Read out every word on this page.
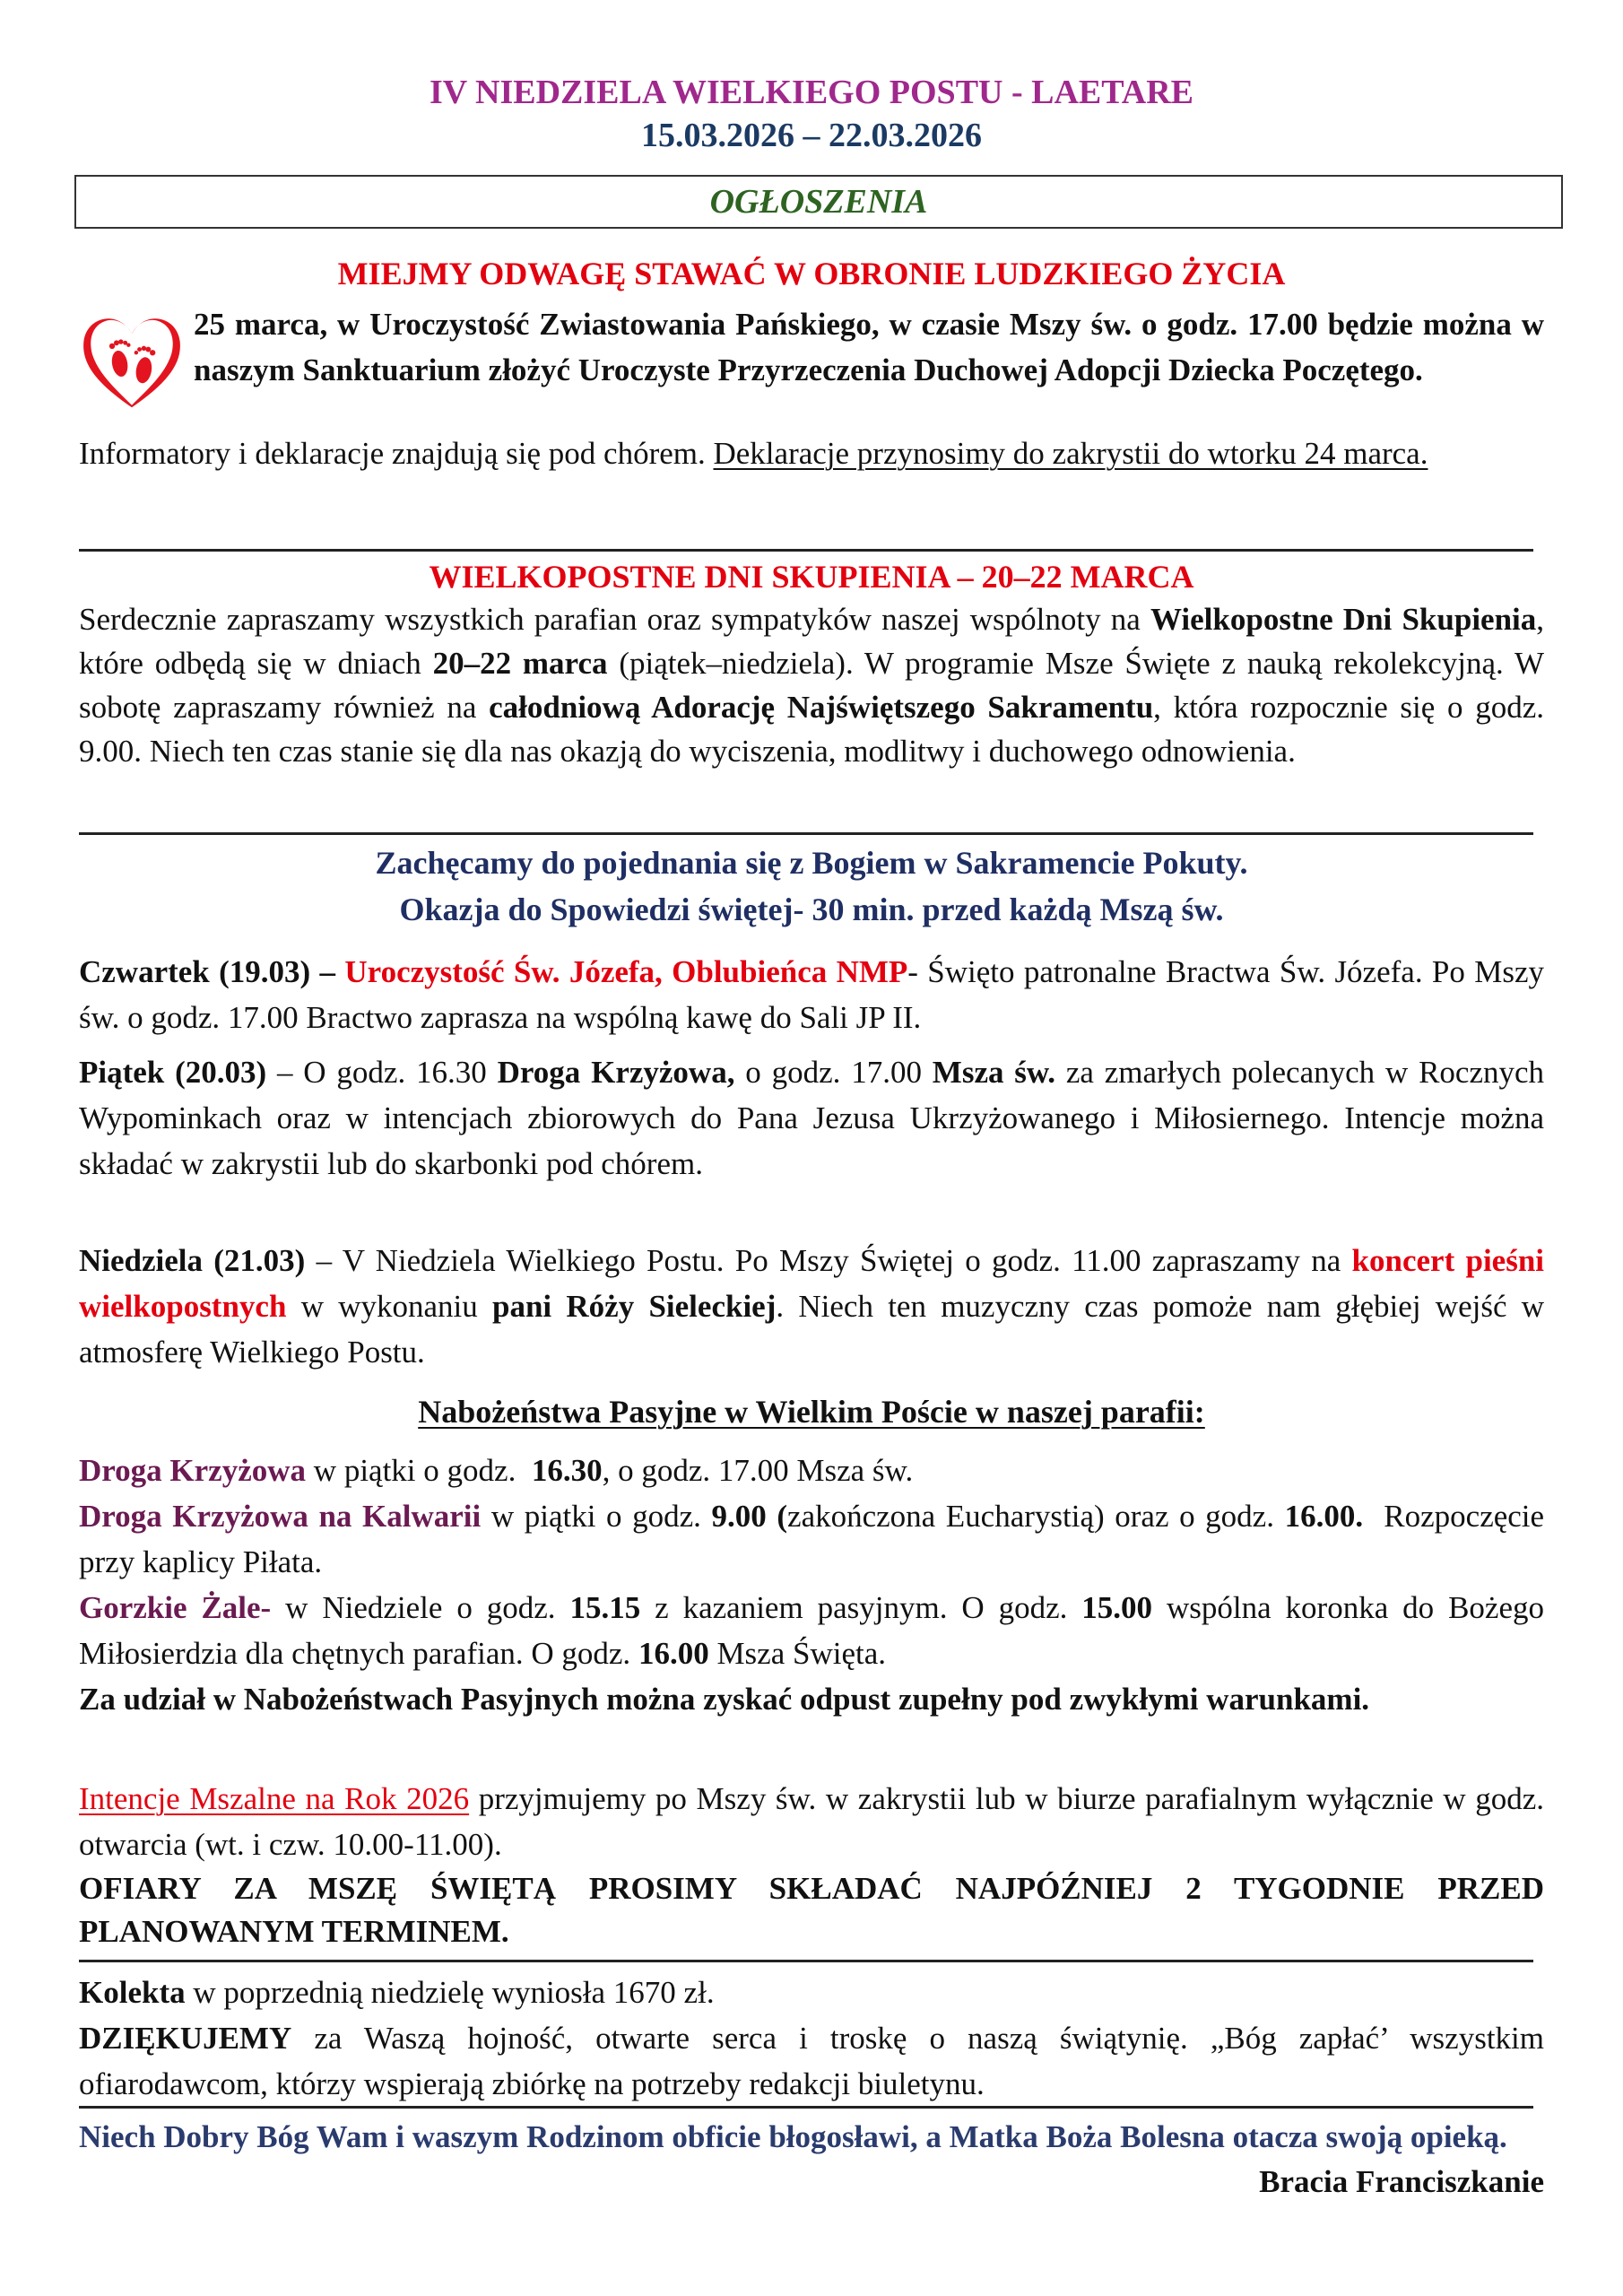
IV NIEDZIELA WIELKIEGO POSTU - LAETARE
15.03.2026 – 22.03.2026
OGŁOSZENIA
MIEJMY ODWAGĘ STAWAĆ W OBRONIE LUDZKIEGO ŻYCIA
25 marca, w Uroczystość Zwiastowania Pańskiego, w czasie Mszy św. o godz. 17.00 będzie można w naszym Sanktuarium złożyć Uroczyste Przyrzeczenia Duchowej Adopcji Dziecka Poczętego.

Informatory i deklaracje znajdują się pod chórem. Deklaracje przynosimy do zakrystii do wtorku 24 marca.

WIELKOPOSTNE DNI SKUPIENIA – 20–22 MARCA

Serdecznie zapraszamy wszystkich parafian oraz sympatyków naszej wspólnoty na Wielkopostne Dni Skupienia, które odbędą się w dniach 20–22 marca (piątek–niedziela). W programie Msze Święte z nauką rekolekcyjną. W sobotę zapraszamy również na całodniową Adorację Najświętszego Sakramentu, która rozpocznie się o godz. 9.00. Niech ten czas stanie się dla nas okazją do wyciszenia, modlitwy i duchowego odnowienia.

Zachęcamy do pojednania się z Bogiem w Sakramencie Pokuty.
Okazja do Spowiedzi świętej- 30 min. przed każdą Mszą św.

Czwartek (19.03) – Uroczystość Św. Józefa, Oblubieńca NMP- Święto patronalne Bractwa Św. Józefa. Po Mszy św. o godz. 17.00 Bractwo zaprasza na wspólną kawę do Sali JP II.

Piątek (20.03) – O godz. 16.30 Droga Krzyżowa, o godz. 17.00 Msza św. za zmarłych polecanych w Rocznych Wypominkach oraz w intencjach zbiorowych do Pana Jezusa Ukrzyżowanego i Miłosiernego. Intencje można składać w zakrystii lub do skarbonki pod chórem.

Niedziela (21.03) – V Niedziela Wielkiego Postu. Po Mszy Świętej o godz. 11.00 zapraszamy na koncert pieśni wielkopostnych w wykonaniu pani Róży Sieleckiej. Niech ten muzyczny czas pomoże nam głębiej wejść w atmosferę Wielkiego Postu.

Nabożeństwa Pasyjne w Wielkim Poście w naszej parafii:

Droga Krzyżowa w piątki o godz. 16.30, o godz. 17.00 Msza św.

Droga Krzyżowa na Kalwarii w piątki o godz. 9.00 (zakończona Eucharystią) oraz o godz. 16.00. Rozpoczęcie przy kaplicy Piłata.

Gorzkie Żale- w Niedziele o godz. 15.15 z kazaniem pasyjnym. O godz. 15.00 wspólna koronka do Bożego Miłosierdzia dla chętnych parafian. O godz. 16.00 Msza Święta.

Za udział w Nabożeństwach Pasyjnych można zyskać odpust zupełny pod zwykłymi warunkami.

Intencje Mszalne na Rok 2026 przyjmujemy po Mszy św. w zakrystii lub w biurze parafialnym wyłącznie w godz. otwarcia (wt. i czw. 10.00-11.00).

OFIARY ZA MSZĘ ŚWIĘTĄ PROSIMY SKŁADAĆ NAJPÓŹNIEJ 2 TYGODNIE PRZED PLANOWANYM TERMINEM.

Kolekta w poprzednią niedzielę wyniosła 1670 zł.

DZIĘKUJEMY za Waszą hojność, otwarte serca i troskę o naszą świątynię. „Bóg zapłać’ wszystkim ofiarodawcom, którzy wspierają zbiórkę na potrzeby redakcji biuletynu.

Niech Dobry Bóg Wam i waszym Rodzinom obficie błogosławi, a Matka Boża Bolesna otacza swoją opieką.
Bracia Franciszkanie
